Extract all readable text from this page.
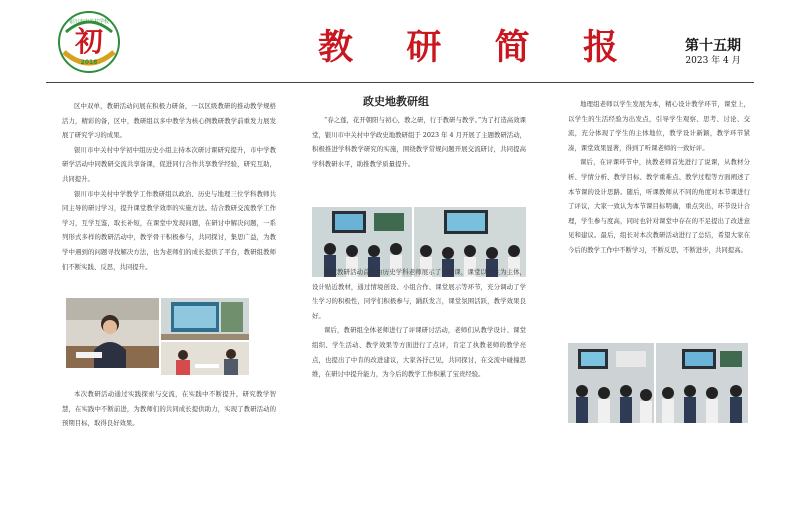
银川市中关村学校
初
2018	教 研 简 报	第十五期
2023 年 4 月

区中双单，教研活动问展在积极力研备，一以区级教研的推动教学规格活力，精彩的备，区中，教研组以多中教学为核心例教研教学前重发力展发展了研究学习的成果。

银川市中关村中学初中组历史小组主持本次研讨课研究提升，市中学教研学活动中同教研交流共享备课，促进同行合作共享教学经验，研究互助，共同提升。

银川市中关村中学教学工作教研组以政治、历史与地理三位学科教师共同主导的研讨学习，提升课堂教学效率的实施方法。结合教研交流教学工作学习，互学互鉴，取长补短，在课堂中发现问题，在研讨中解决问题，一系列形式多样的教研活动中，教学骨干积极参与，共同探讨，集思广益，为教学中遇到的问题寻找解决方法，也为老师们的成长提供了平台，教研组教师们不断实践、反思，共同提升。

本次教研活动通过实践探索与交流，在实践中不断提升，研究教学智慧，在实践中不断前进，为教师们的共同成长提供助力，实现了教研活动的预期目标，取得良好效果。

政史地教研组

“春之莲，花开朝阳与初心，教之研，行于教研与教学。”为了打造高效课堂，银川市中关村中学政史地教研组于 2023 年 4 月开展了主题教研活动，积极推进学科教学研究的实施，围绕教学常规问题开展交流研讨，共同提高学科教研水平，助推教学质量提升。

此次教研活动首先由历史学科老师展示了公开课，课堂以学生为主体，设计贴近教材，通过情境创设、小组合作、课堂展示等环节，充分调动了学生学习的积极性，同学们积极参与，踊跃发言，课堂氛围活跃，教学效果良好。

课后，教研组全体老师进行了评课研讨活动，老师们从教学设计、课堂组织、学生活动、教学效果等方面进行了点评，肯定了执教老师的教学亮点，也提出了中肯的改进建议，大家各抒己见，共同探讨，在交流中碰撞思维，在研讨中提升能力，为今后的教学工作积累了宝贵经验。

地理组老师以学生发展为本，精心设计教学环节，课堂上，以学生的生活经验为出发点，引导学生观察、思考、讨论、交流，充分体现了学生的主体地位，教学设计新颖，教学环节紧凑，课堂效果显著，得到了听课老师的一致好评。

课后，在评课环节中，执教老师首先进行了说课，从教材分析、学情分析、教学目标、教学重难点、教学过程等方面阐述了本节课的设计思路。随后，听课教师从不同的角度对本节课进行了评议，大家一致认为本节课目标明确，重点突出，环节设计合理，学生参与度高，同时也针对课堂中存在的不足提出了改进意见和建议。最后，组长对本次教研活动进行了总结，希望大家在今后的教学工作中不断学习，不断反思，不断进步，共同提高。
